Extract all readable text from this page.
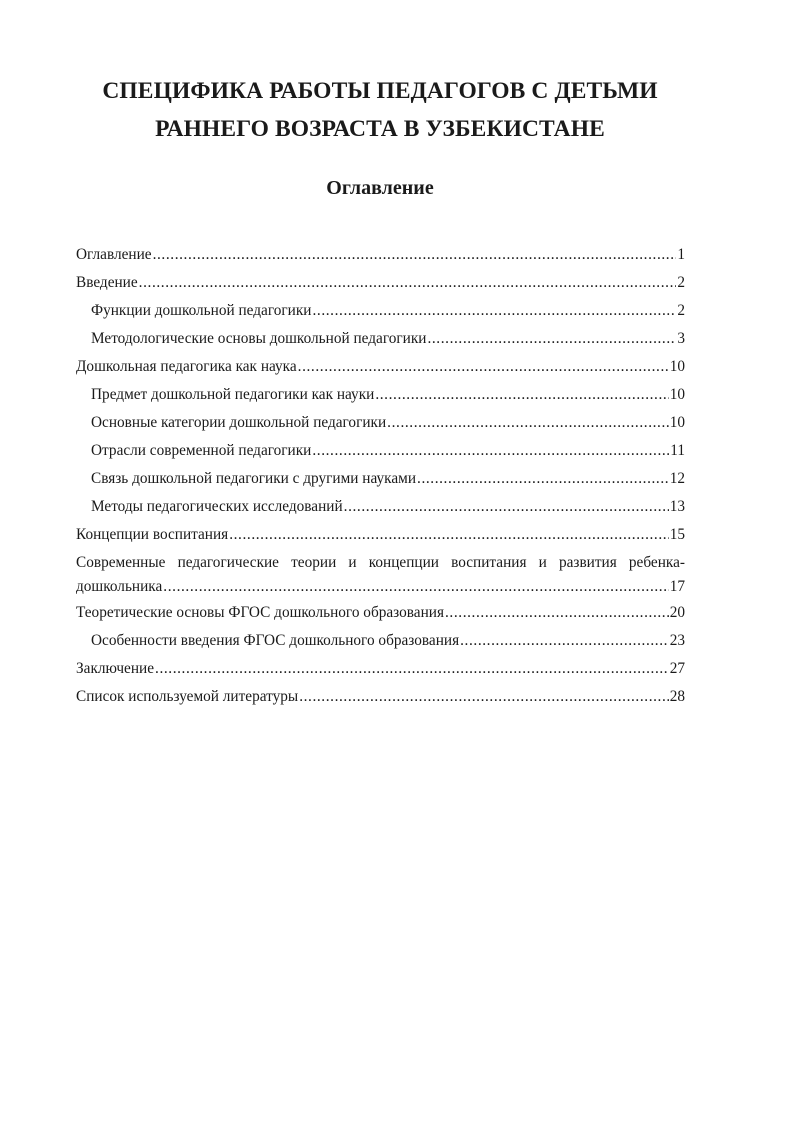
СПЕЦИФИКА РАБОТЫ ПЕДАГОГОВ С ДЕТЬМИ
РАННЕГО ВОЗРАСТА В УЗБЕКИСТАНЕ
Оглавление
Оглавление .....	1
Введение .....	2
Функции дошкольной педагогики .....	2
Методологические основы дошкольной педагогики .....	3
Дошкольная педагогика как наука .....	10
Предмет дошкольной педагогики как науки .....	10
Основные категории дошкольной педагогики .....	10
Отрасли современной педагогики .....	11
Связь дошкольной педагогики с другими науками .....	12
Методы педагогических исследований .....	13
Концепции воспитания .....	15
Современные педагогические теории и концепции воспитания и развития ребенка-
дошкольника .....	17
Теоретические основы ФГОС дошкольного образования .....	20
Особенности введения ФГОС дошкольного образования .....	23
Заключение .....	27
Список используемой литературы .....	28
